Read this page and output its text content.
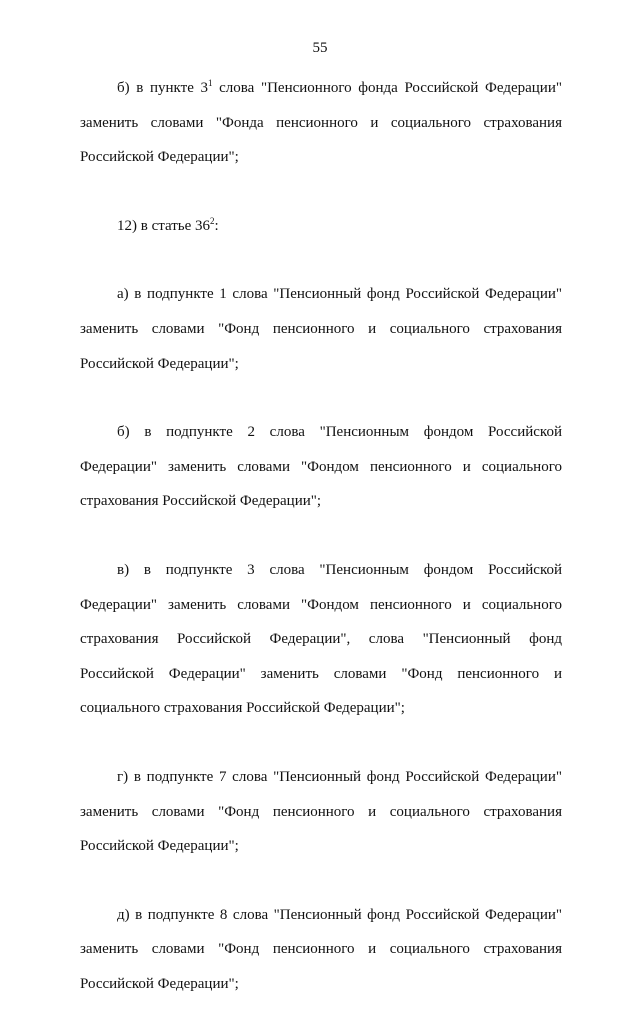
55

б) в пункте $3^1$ слова "Пенсионного фонда Российской Федерации" заменить словами "Фонда пенсионного и социального страхования Российской Федерации";

12) в статье $36^2$:

а) в подпункте 1 слова "Пенсионный фонд Российской Федерации" заменить словами "Фонд пенсионного и социального страхования Российской Федерации";

б) в подпункте 2 слова "Пенсионным фондом Российской Федерации" заменить словами "Фондом пенсионного и социального страхования Российской Федерации";

в) в подпункте 3 слова "Пенсионным фондом Российской Федерации" заменить словами "Фондом пенсионного и социального страхования Российской Федерации", слова "Пенсионный фонд Российской Федерации" заменить словами "Фонд пенсионного и социального страхования Российской Федерации";

г) в подпункте 7 слова "Пенсионный фонд Российской Федерации" заменить словами "Фонд пенсионного и социального страхования Российской Федерации";

д) в подпункте 8 слова "Пенсионный фонд Российской Федерации" заменить словами "Фонд пенсионного и социального страхования Российской Федерации";
